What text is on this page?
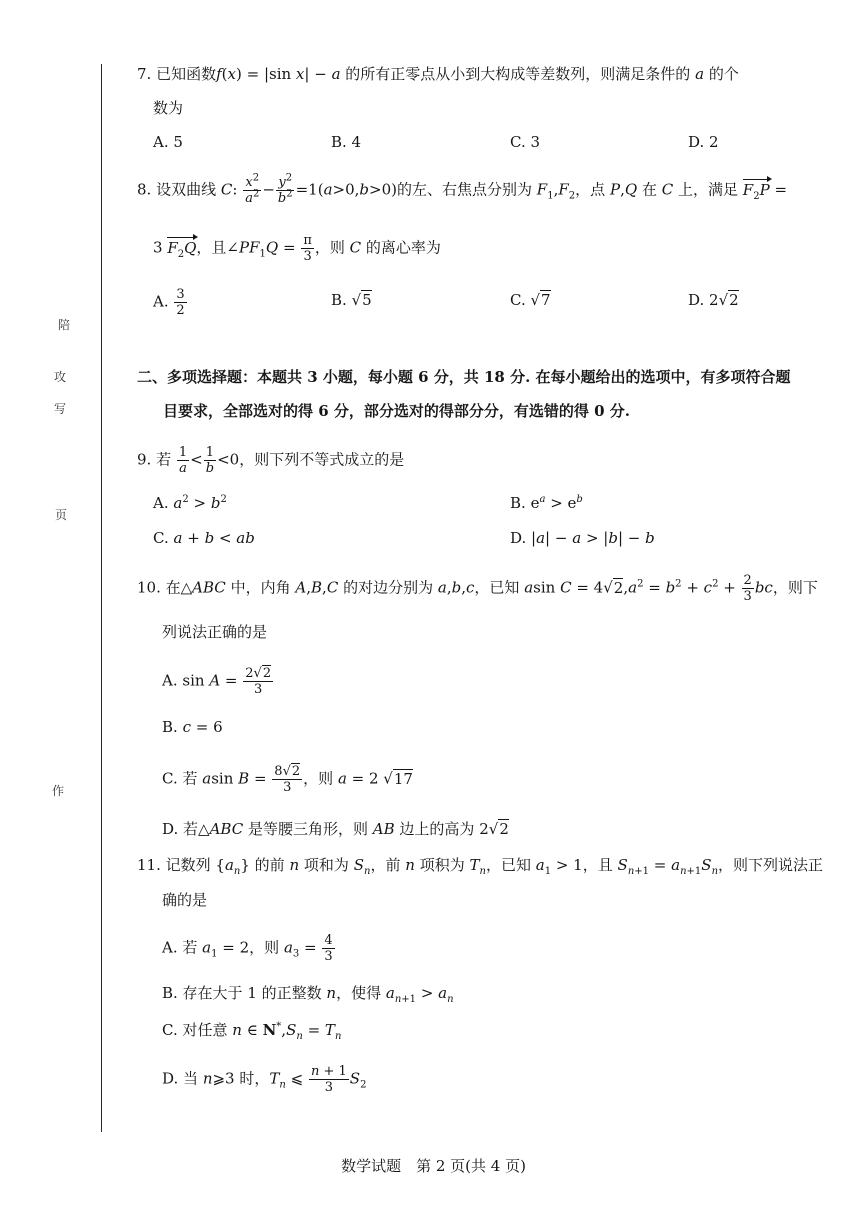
陪
攻
写
页
作
7. 已知函数f(x) = |sin x| − a 的所有正零点从小到大构成等差数列，则满足条件的 a 的个
数为
A. 5	B. 4	C. 3	D. 2
8. 设双曲线 C: $\frac{x^2}{a^2} - \frac{y^2}{b^2} =1(a>0,b>0)$的左、右焦点分别为 $F_1,F_2$，点 P,Q 在 C 上，满足 $F_2P$ =
3 $F_2Q$，且$\angle PF_1Q = \frac{\pi}{3}$ ，则 C 的离心率为
A. $\frac{3}{2}$	B. √5	C. √7	D. 2√2
二、多项选择题：本题共 3 小题，每小题 6 分，共 18 分. 在每小题给出的选项中，有多项符合题
目要求，全部选对的得 6 分，部分选对的得部分分，有选错的得 0 分.
9. 若 $\frac{1}{a} < \frac{1}{b} <0$，则下列不等式成立的是
A. $a^2 > b^2$	B. $e^a > e^b$
C. a + b < ab	D. |a| − a > |b| − b
10. 在△ABC 中，内角 A,B,C 的对边分别为 a,b,c，已知 asin $C = 4√2,a^2 = b^2 + c^2 + \frac{2}{3}$ bc，则下
列说法正确的是
A. $\sin A = \frac{2√2}{3}$
B. c = 6
C. 若 asin $B = \frac{8√2}{3}$ ，则 a = 2 √17
D. 若△ABC 是等腰三角形，则 AB 边上的高为 2√2
11. 记数列 $\{a_n\}$ 的前 n 项和为 $S_n$，前 n 项积为 $T_n$，已知 $a_1 > 1$，且 $S_{n+1} = a_{n+1}S_n$，则下列说法正
确的是
A. 若 $a_1 = 2$，则 $a_3 = \frac{4}{3}$
B. 存在大于 1 的正整数 n，使得 $a_{n+1} > a_n$
C. 对任意 n ∈ $N^*,S_n = T_n$
D. 当 n⩾3 时，$T_n$ ⩽ $\frac{n + 1}{3} S_2$
数学试题　第 2 页(共 4 页)
